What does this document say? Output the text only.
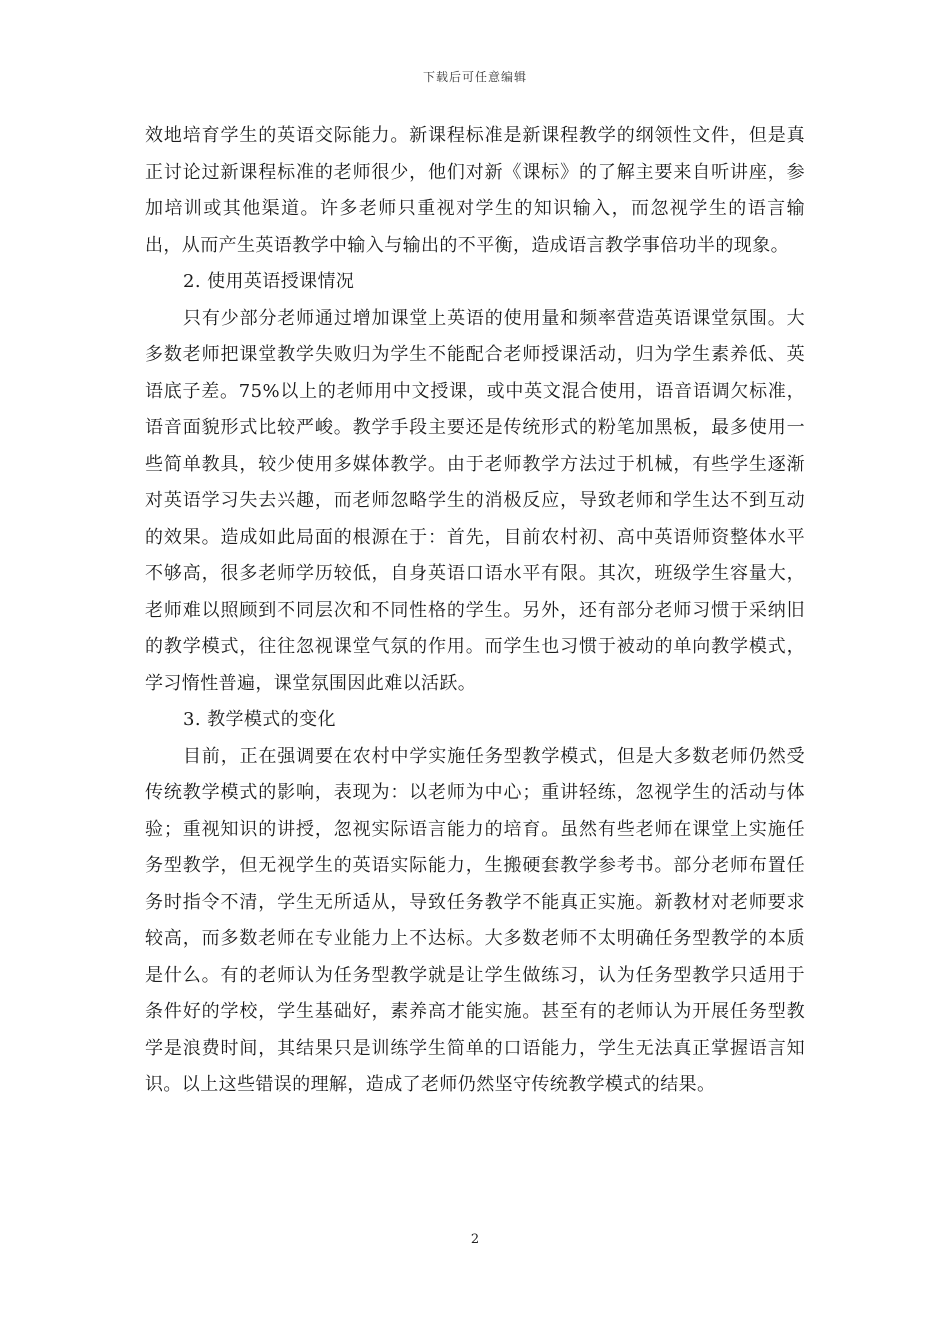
下载后可任意编辑

效地培育学生的英语交际能力。新课程标准是新课程教学的纲领性文件，但是真正讨论过新课程标准的老师很少，他们对新《课标》的了解主要来自听讲座，参加培训或其他渠道。许多老师只重视对学生的知识输入，而忽视学生的语言输出，从而产生英语教学中输入与输出的不平衡，造成语言教学事倍功半的现象。

2. 使用英语授课情况

只有少部分老师通过增加课堂上英语的使用量和频率营造英语课堂氛围。大多数老师把课堂教学失败归为学生不能配合老师授课活动，归为学生素养低、英语底子差。75%以上的老师用中文授课，或中英文混合使用，语音语调欠标准，语音面貌形式比较严峻。教学手段主要还是传统形式的粉笔加黑板，最多使用一些简单教具，较少使用多媒体教学。由于老师教学方法过于机械，有些学生逐渐对英语学习失去兴趣，而老师忽略学生的消极反应，导致老师和学生达不到互动的效果。造成如此局面的根源在于：首先，目前农村初、高中英语师资整体水平不够高，很多老师学历较低，自身英语口语水平有限。其次，班级学生容量大，老师难以照顾到不同层次和不同性格的学生。另外，还有部分老师习惯于采纳旧的教学模式，往往忽视课堂气氛的作用。而学生也习惯于被动的单向教学模式，学习惰性普遍，课堂氛围因此难以活跃。

3. 教学模式的变化

目前，正在强调要在农村中学实施任务型教学模式，但是大多数老师仍然受传统教学模式的影响，表现为：以老师为中心；重讲轻练，忽视学生的活动与体验；重视知识的讲授，忽视实际语言能力的培育。虽然有些老师在课堂上实施任务型教学，但无视学生的英语实际能力，生搬硬套教学参考书。部分老师布置任务时指令不清，学生无所适从，导致任务教学不能真正实施。新教材对老师要求较高，而多数老师在专业能力上不达标。大多数老师不太明确任务型教学的本质是什么。有的老师认为任务型教学就是让学生做练习，认为任务型教学只适用于条件好的学校，学生基础好，素养高才能实施。甚至有的老师认为开展任务型教学是浪费时间，其结果只是训练学生简单的口语能力，学生无法真正掌握语言知识。以上这些错误的理解，造成了老师仍然坚守传统教学模式的结果。

2
